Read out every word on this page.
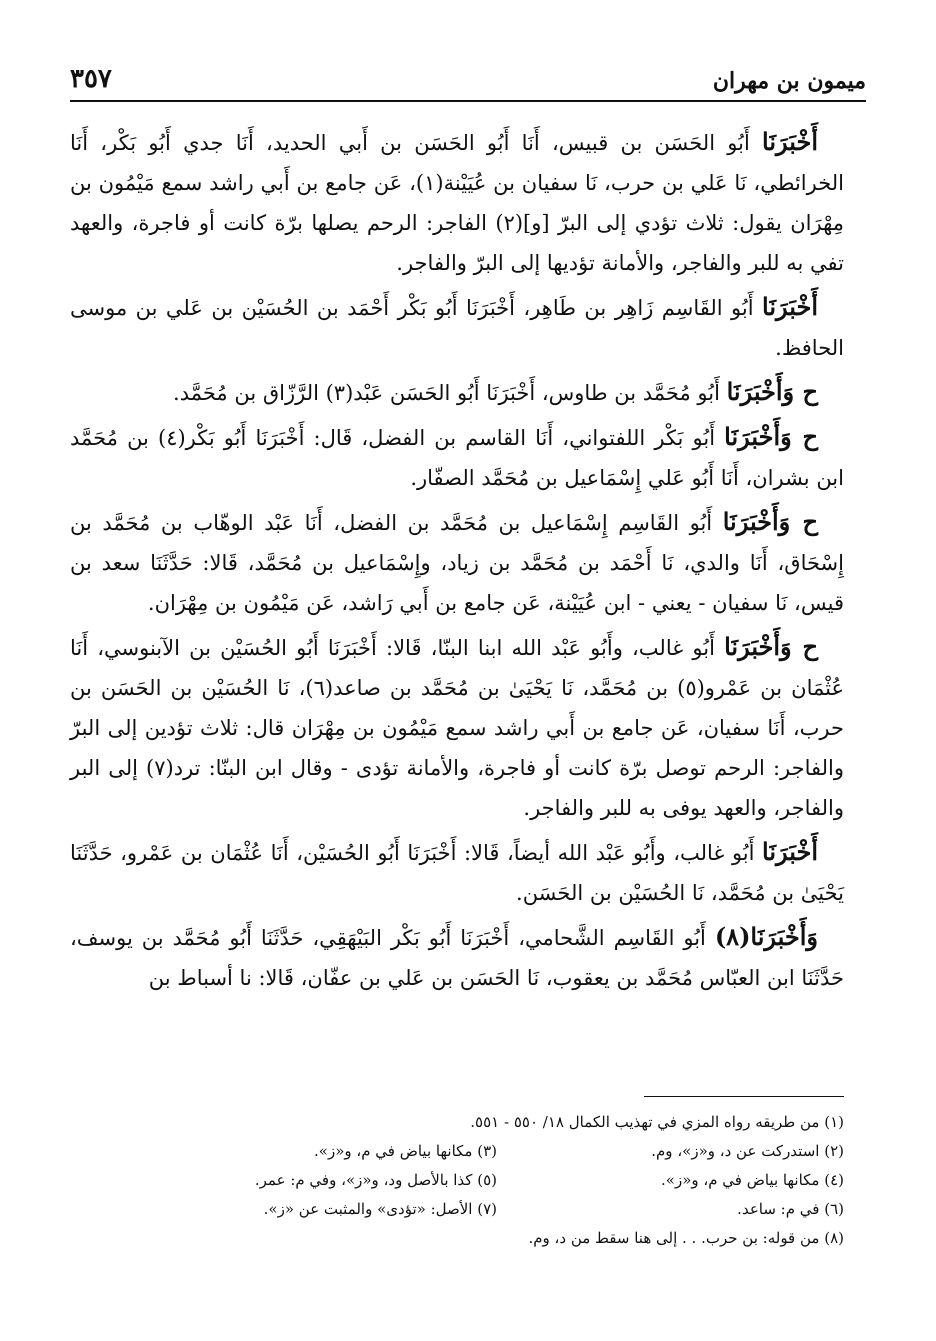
٣٥٧	ميمون بن مهران

أَخْبَرَنَا أَبُو الحَسَن بن قبيس، أَنَا أَبُو الحَسَن بن أَبي الحديد، أَنَا جدي أَبُو بَكْر، أَنَا الخرائطي، نَا عَلي بن حرب، نَا سفيان بن عُيَيْنة(١)، عَن جامع بن أَبي راشد سمع مَيْمُون بن مِهْرَان يقول: ثلاث تؤدي إلى البرّ [و](٢) الفاجر: الرحم يصلها برّة كانت أو فاجرة، والعهد تفي به للبر والفاجر، والأمانة تؤديها إلى البرّ والفاجر.

أَخْبَرَنَا أَبُو القَاسِم زَاهِر بن طَاهِر، أَخْبَرَنَا أَبُو بَكْر أَحْمَد بن الحُسَيْن بن عَلي بن موسى الحافظ.

ح وَأَخْبَرَنَا أَبُو مُحَمَّد بن طاوس، أَخْبَرَنَا أَبُو الحَسَن عَبْد(٣) الرَّزّاق بن مُحَمَّد.

ح وَأَخْبَرَنَا أَبُو بَكْر اللفتواني، أَنَا القاسم بن الفضل، قَال: أَخْبَرَنَا أَبُو بَكْر(٤) بن مُحَمَّد ابن بشران، أَنَا أَبُو عَلي إِسْمَاعيل بن مُحَمَّد الصفّار.

ح وَأَخْبَرَنَا أَبُو القَاسِم إِسْمَاعيل بن مُحَمَّد بن الفضل، أَنَا عَبْد الوهّاب بن مُحَمَّد بن إِسْحَاق، أَنَا والدي، نَا أَحْمَد بن مُحَمَّد بن زياد، وإِسْمَاعيل بن مُحَمَّد، قَالا: حَدَّثَنَا سعد بن قيس، نَا سفيان - يعني - ابن عُيَيْنة، عَن جامع بن أَبي رَاشد، عَن مَيْمُون بن مِهْرَان.

ح وَأَخْبَرَنَا أَبُو غالب، وأَبُو عَبْد الله ابنا البنّا، قَالا: أَخْبَرَنَا أَبُو الحُسَيْن بن الآبنوسي، أَنَا عُثْمَان بن عَمْرو(٥) بن مُحَمَّد، نَا يَحْيَىٰ بن مُحَمَّد بن صاعد(٦)، نَا الحُسَيْن بن الحَسَن بن حرب، أَنَا سفيان، عَن جامع بن أَبي راشد سمع مَيْمُون بن مِهْرَان قال: ثلاث تؤدين إلى البرّ والفاجر: الرحم توصل برّة كانت أو فاجرة، والأمانة تؤدى - وقال ابن البنّا: ترد(٧) إلى البر والفاجر، والعهد يوفى به للبر والفاجر.

أَخْبَرَنَا أَبُو غالب، وأَبُو عَبْد الله أيضاً، قَالا: أَخْبَرَنَا أَبُو الحُسَيْن، أَنَا عُثْمَان بن عَمْرو، حَدَّثَنَا يَحْيَىٰ بن مُحَمَّد، نَا الحُسَيْن بن الحَسَن.

وَأَخْبَرَنَا(٨) أَبُو القَاسِم الشَّحامي، أَخْبَرَنَا أَبُو بَكْر البَيْهَقِي، حَدَّثَنَا أَبُو مُحَمَّد بن يوسف، حَدَّثَنَا ابن العبّاس مُحَمَّد بن يعقوب، نَا الحَسَن بن عَلي بن عفّان، قَالا: نا أسباط بن

(١) من طريقه رواه المزي في تهذيب الكمال ١٨/ ٥٥٠ - ٥٥١.
(٢) استدركت عن د، و«ز»، وم.
(٣) مكانها بياض في م، و«ز».
(٤) مكانها بياض في م، و«ز».
(٥) كذا بالأصل ود، و«ز»، وفي م: عمر.
(٦) في م: ساعد.
(٧) الأصل: «تؤدى» والمثبت عن «ز».
(٨) من قوله: بن حرب. . . إلى هنا سقط من د، وم.
